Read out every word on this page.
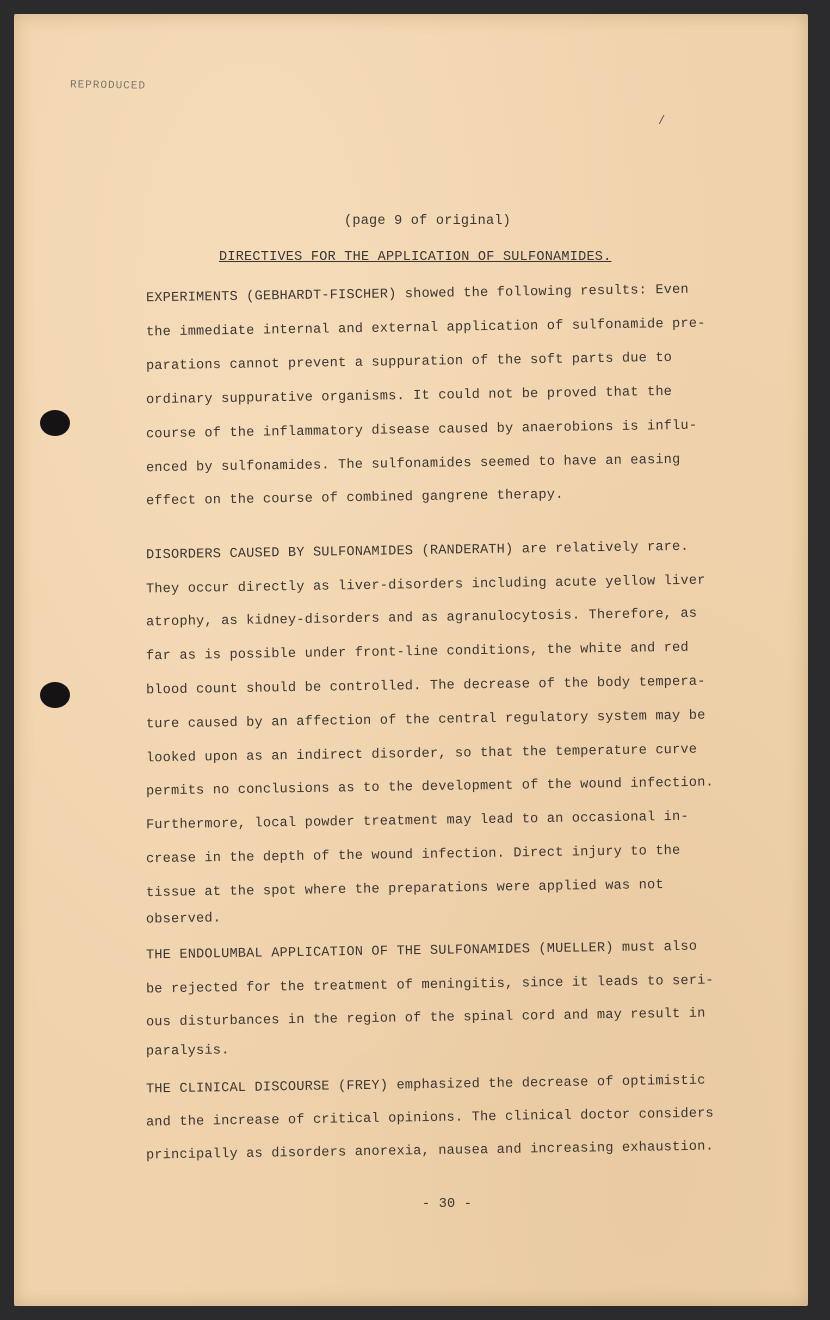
REPRODUCED
/
(page 9 of original)
DIRECTIVES FOR THE APPLICATION OF SULFONAMIDES.
EXPERIMENTS (GEBHARDT-FISCHER) showed the following results: Even
the immediate internal and external application of sulfonamide pre-
parations cannot prevent a suppuration of the soft parts due to
ordinary suppurative organisms. It could not be proved that the
course of the inflammatory disease caused by anaerobions is influ-
enced by sulfonamides. The sulfonamides seemed to have an easing
effect on the course of combined gangrene therapy.
DISORDERS CAUSED BY SULFONAMIDES (RANDERATH) are relatively rare.
They occur directly as liver-disorders including acute yellow liver
atrophy, as kidney-disorders and as agranulocytosis. Therefore, as
far as is possible under front-line conditions, the white and red
blood count should be controlled. The decrease of the body tempera-
ture caused by an affection of the central regulatory system may be
looked upon as an indirect disorder, so that the temperature curve
permits no conclusions as to the development of the wound infection.
Furthermore, local powder treatment may lead to an occasional in-
crease in the depth of the wound infection. Direct injury to the
tissue at the spot where the preparations were applied was not
observed.
THE ENDOLUMBAL APPLICATION OF THE SULFONAMIDES (MUELLER) must also
be rejected for the treatment of meningitis, since it leads to seri-
ous disturbances in the region of the spinal cord and may result in
paralysis.
THE CLINICAL DISCOURSE (FREY) emphasized the decrease of optimistic
and the increase of critical opinions. The clinical doctor considers
principally as disorders anorexia, nausea and increasing exhaustion.
- 30 -
